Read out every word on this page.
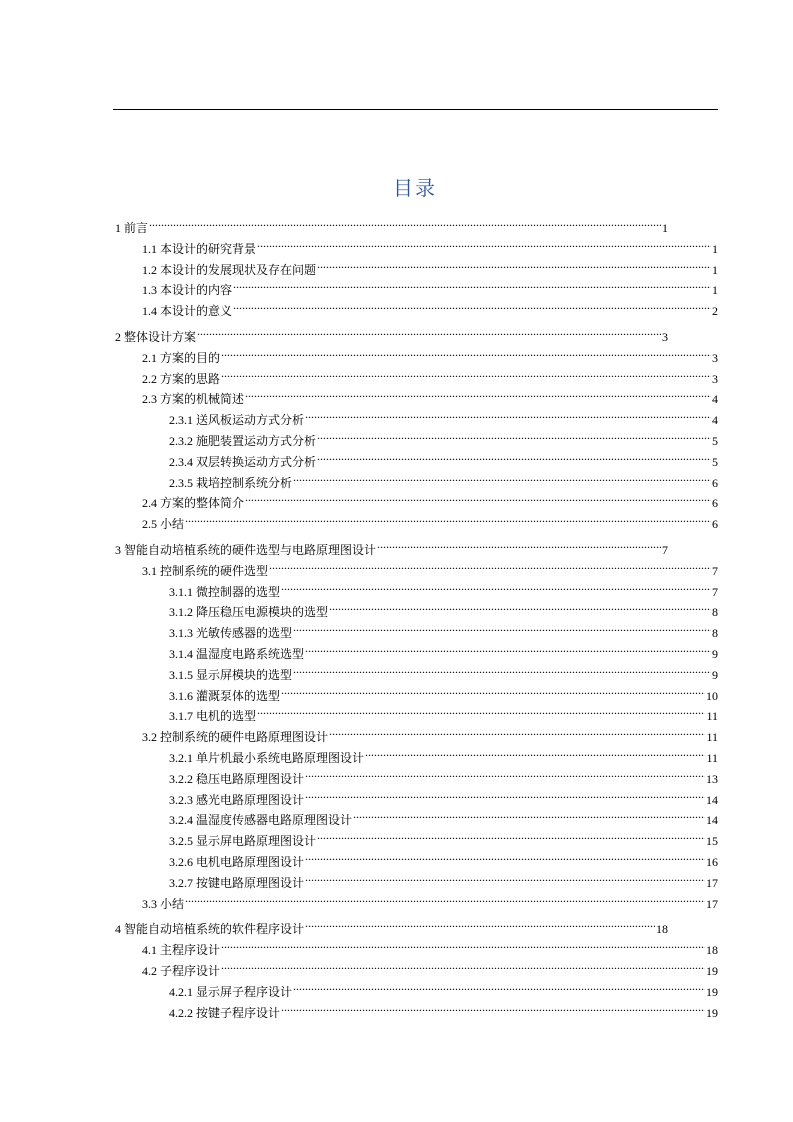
目录
1 前言 .....	1
1.1 本设计的研究背景 .....	1
1.2 本设计的发展现状及存在问题 .....	1
1.3 本设计的内容 .....	1
1.4 本设计的意义 .....	2
2 整体设计方案 .....	3
2.1 方案的目的 .....	3
2.2 方案的思路 .....	3
2.3 方案的机械简述 .....	4
2.3.1 送风板运动方式分析 .....	4
2.3.2 施肥装置运动方式分析 .....	5
2.3.4 双层转换运动方式分析 .....	5
2.3.5 栽培控制系统分析 .....	6
2.4 方案的整体简介 .....	6
2.5 小结 .....	6
3 智能自动培植系统的硬件选型与电路原理图设计 .....	7
3.1 控制系统的硬件选型 .....	7
3.1.1 微控制器的选型 .....	7
3.1.2 降压稳压电源模块的选型 .....	8
3.1.3 光敏传感器的选型 .....	8
3.1.4 温湿度电路系统选型 .....	9
3.1.5 显示屏模块的选型 .....	9
3.1.6 灌溉泵体的选型 .....	10
3.1.7 电机的选型 .....	11
3.2 控制系统的硬件电路原理图设计 .....	11
3.2.1 单片机最小系统电路原理图设计 .....	11
3.2.2 稳压电路原理图设计 .....	13
3.2.3 感光电路原理图设计 .....	14
3.2.4 温湿度传感器电路原理图设计 .....	14
3.2.5 显示屏电路原理图设计 .....	15
3.2.6 电机电路原理图设计 .....	16
3.2.7 按键电路原理图设计 .....	17
3.3 小结 .....	17
4 智能自动培植系统的软件程序设计 .....	18
4.1 主程序设计 .....	18
4.2 子程序设计 .....	19
4.2.1 显示屏子程序设计 .....	19
4.2.2 按键子程序设计 .....	19
